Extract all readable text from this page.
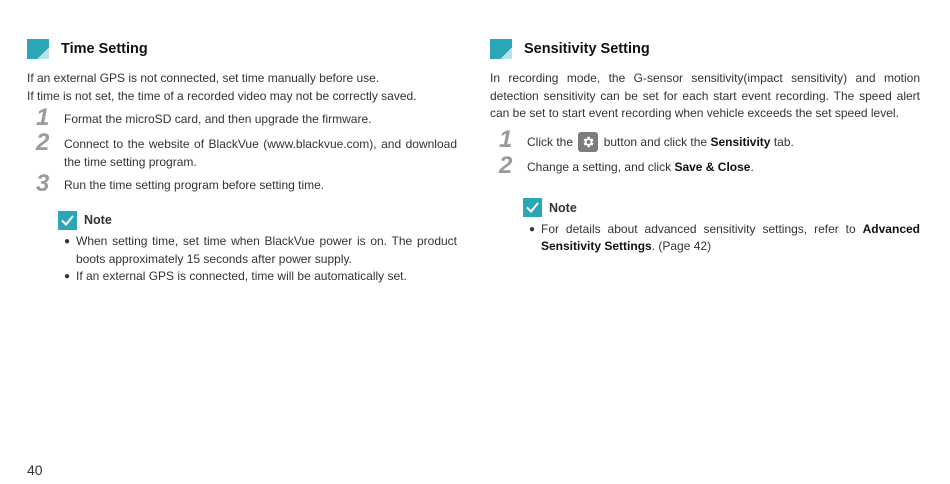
Time Setting
If an external GPS is not connected, set time manually before use.
If time is not set, the time of a recorded video may not be correctly saved.
1	Format the microSD card, and then upgrade the firmware.
2	Connect to the website of BlackVue (www.blackvue.com), and download the time setting program.
3	Run the time setting program before setting time.
Note
● When setting time, set time when BlackVue power is on. The product boots approximately 15 seconds after power supply.
● If an external GPS is connected, time will be automatically set.
Sensitivity Setting
In recording mode, the G-sensor sensitivity(impact sensitivity) and motion detection sensitivity can be set for each start event recording. The speed alert can be set to start event recording when vehicle exceeds the set speed level.
1	Click the	button and click the Sensitivity tab.
2	Change a setting, and click Save & Close.
Note
● For details about advanced sensitivity settings, refer to Advanced Sensitivity Settings. (Page 42)
40
